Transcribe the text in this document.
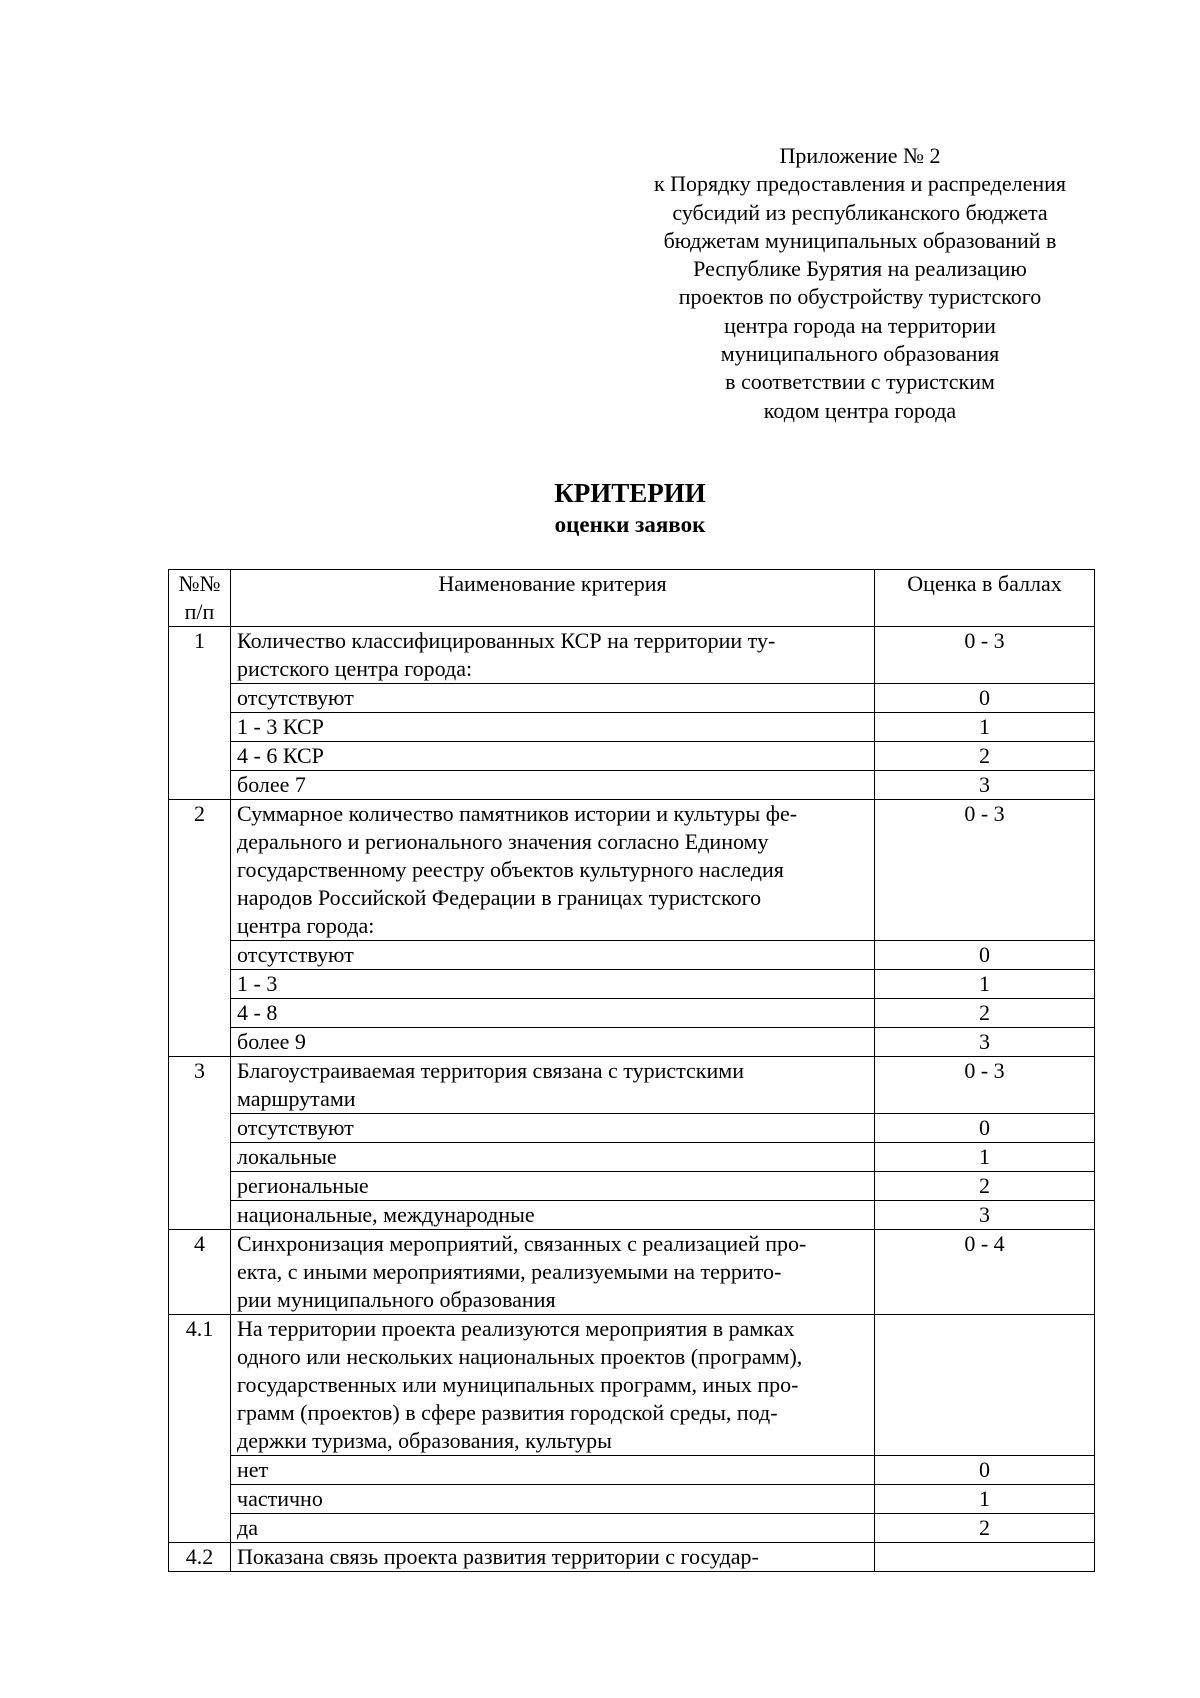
Приложение № 2
к Порядку предоставления и распределения
субсидий из республиканского бюджета
бюджетам муниципальных образований в
Республике Бурятия на реализацию
проектов по обустройству туристского
центра города на территории
муниципального образования
в соответствии с туристским
кодом центра города
КРИТЕРИИ
оценки заявок
№№
п/п	Наименование критерия	Оценка в баллах
1	Количество классифицированных КСР на территории ту-
ристского центра города:	0 - 3
	отсутствуют	0
	1 - 3 КСР	1
	4 - 6 КСР	2
	более 7	3
2	Суммарное количество памятников истории и культуры фе-
дерального и регионального значения согласно Единому
государственному реестру объектов культурного наследия
народов Российской Федерации в границах туристского
центра города:	0 - 3
	отсутствуют	0
	1 - 3	1
	4 - 8	2
	более 9	3
3	Благоустраиваемая территория связана с туристскими
маршрутами	0 - 3
	отсутствуют	0
	локальные	1
	региональные	2
	национальные, международные	3
4	Синхронизация мероприятий, связанных с реализацией про-
екта, с иными мероприятиями, реализуемыми на террито-
рии муниципального образования	0 - 4
4.1	На территории проекта реализуются мероприятия в рамках
одного или нескольких национальных проектов (программ),
государственных или муниципальных программ, иных про-
грамм (проектов) в сфере развития городской среды, под-
держки туризма, образования, культуры	

	нет	0
	частично	1
	да	2
4.2	Показана связь проекта развития территории с государ-	
